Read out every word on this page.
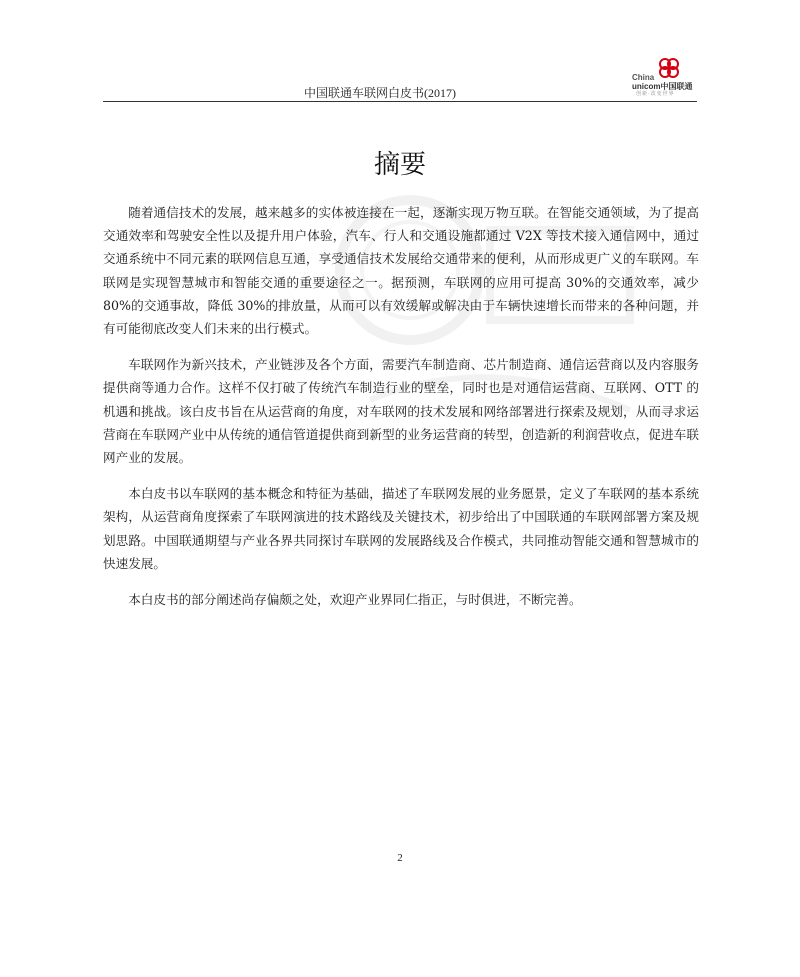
中国联通车联网白皮书(2017)
China
unicom中国联通
创新·改变世界
摘要

随着通信技术的发展，越来越多的实体被连接在一起，逐渐实现万物互联。在智能交通领域，为了提高交通效率和驾驶安全性以及提升用户体验，汽车、行人和交通设施都通过 V2X 等技术接入通信网中，通过交通系统中不同元素的联网信息互通，享受通信技术发展给交通带来的便利，从而形成更广义的车联网。车联网是实现智慧城市和智能交通的重要途径之一。据预测，车联网的应用可提高 30%的交通效率，减少 80%的交通事故，降低 30%的排放量，从而可以有效缓解或解决由于车辆快速增长而带来的各种问题，并有可能彻底改变人们未来的出行模式。

车联网作为新兴技术，产业链涉及各个方面，需要汽车制造商、芯片制造商、通信运营商以及内容服务提供商等通力合作。这样不仅打破了传统汽车制造行业的壁垒，同时也是对通信运营商、互联网、OTT 的机遇和挑战。该白皮书旨在从运营商的角度，对车联网的技术发展和网络部署进行探索及规划，从而寻求运营商在车联网产业中从传统的通信管道提供商到新型的业务运营商的转型，创造新的利润营收点，促进车联网产业的发展。

本白皮书以车联网的基本概念和特征为基础，描述了车联网发展的业务愿景，定义了车联网的基本系统架构，从运营商角度探索了车联网演进的技术路线及关键技术，初步给出了中国联通的车联网部署方案及规划思路。中国联通期望与产业各界共同探讨车联网的发展路线及合作模式，共同推动智能交通和智慧城市的快速发展。

本白皮书的部分阐述尚存偏颇之处，欢迎产业界同仁指正，与时俱进，不断完善。

2
